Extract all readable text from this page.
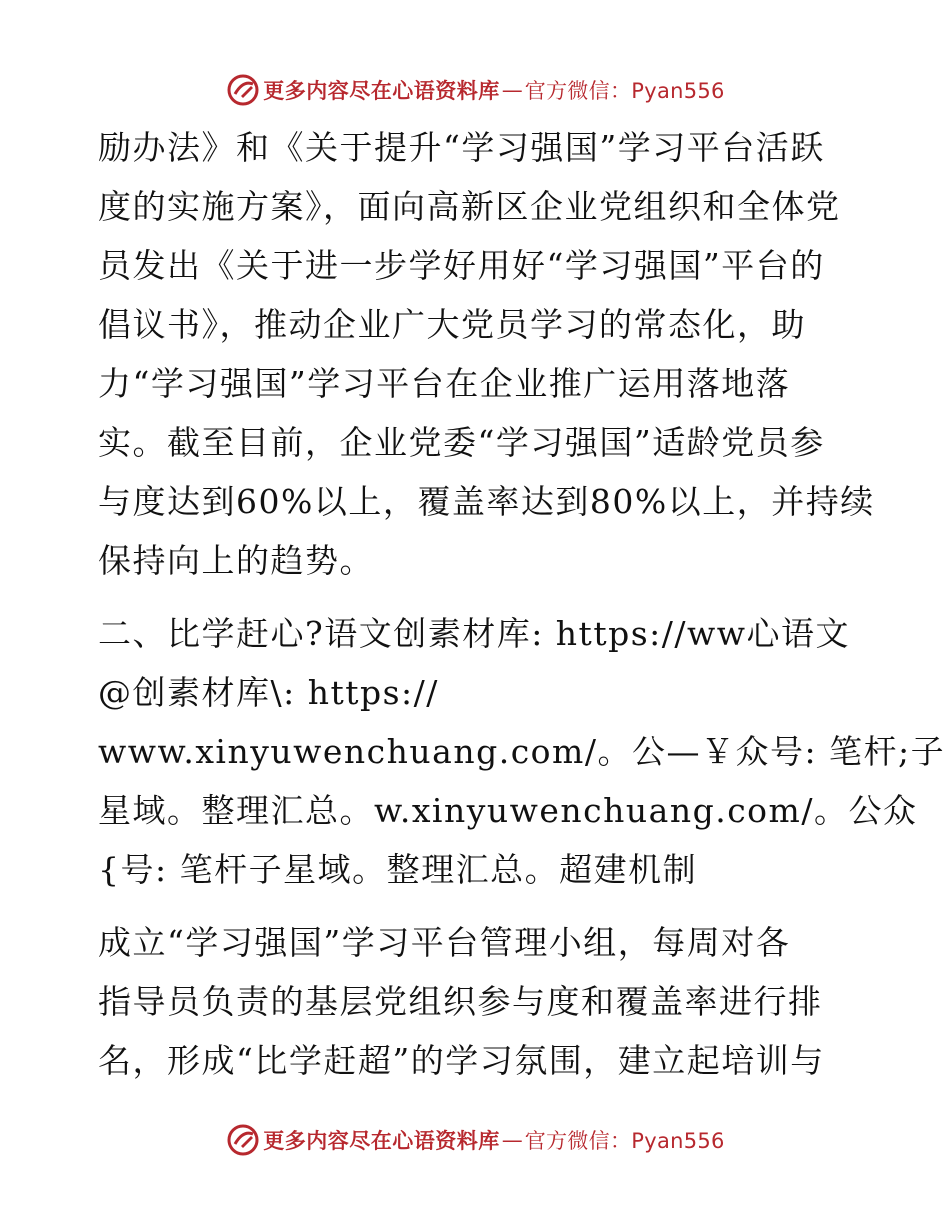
更多内容尽在心语资料库 — 官方微信：Pyan556
励办法》和《关于提升“学习强国”学习平台活跃
度的实施方案》，面向高新区企业党组织和全体党
员发出《关于进一步学好用好“学习强国”平台的
倡议书》，推动企业广大党员学习的常态化，助
力“学习强国”学习平台在企业推广运用落地落
实。截至目前，企业党委“学习强国”适龄党员参
与度达到60%以上，覆盖率达到80%以上，并持续
保持向上的趋势。
二、比学赶心?语文创素材库: https://ww心语文
@创素材库\: https://
www.xinyuwenchuang.com/。公—￥众号: 笔杆;子
星域。整理汇总。w.xinyuwenchuang.com/。公众
{号: 笔杆子星域。整理汇总。超建机制
成立“学习强国”学习平台管理小组，每周对各
指导员负责的基层党组织参与度和覆盖率进行排
名，形成“比学赶超”的学习氛围，建立起培训与
更多内容尽在心语资料库 — 官方微信：Pyan556
